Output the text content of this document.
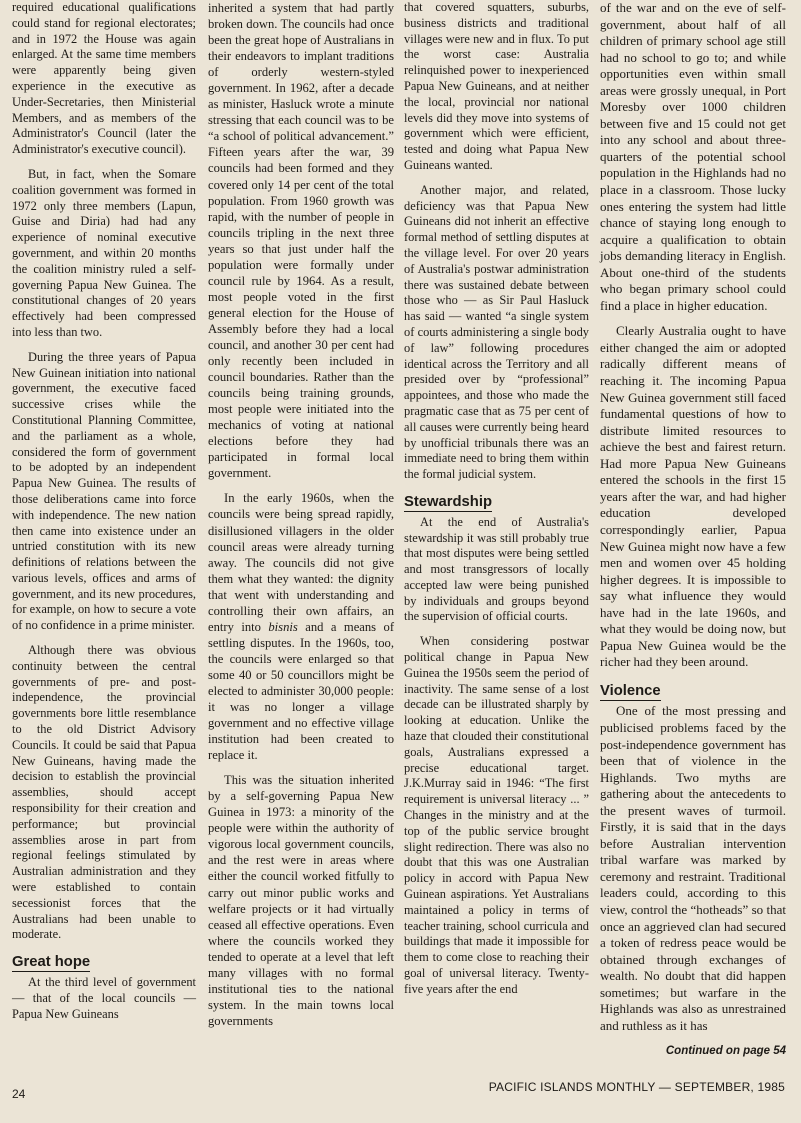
required educational qualifications could stand for regional electorates; and in 1972 the House was again enlarged. At the same time members were apparently being given experience in the executive as Under-Secretaries, then Ministerial Members, and as members of the Administrator's Council (later the Administrator's executive council).

But, in fact, when the Somare coalition government was formed in 1972 only three members (Lapun, Guise and Diria) had had any experience of nominal executive government, and within 20 months the coalition ministry ruled a self-governing Papua New Guinea. The constitutional changes of 20 years effectively had been compressed into less than two.

During the three years of Papua New Guinean initiation into national government, the executive faced successive crises while the Constitutional Planning Committee, and the parliament as a whole, considered the form of government to be adopted by an independent Papua New Guinea. The results of those deliberations came into force with independence. The new nation then came into existence under an untried constitution with its new definitions of relations between the various levels, offices and arms of government, and its new procedures, for example, on how to secure a vote of no confidence in a prime minister.

Although there was obvious continuity between the central governments of pre- and post-independence, the provincial governments bore little resemblance to the old District Advisory Councils. It could be said that Papua New Guineans, having made the decision to establish the provincial assemblies, should accept responsibility for their creation and performance; but provincial assemblies arose in part from regional feelings stimulated by Australian administration and they were established to contain secessionist forces that the Australians had been unable to moderate.

Great hope

At the third level of government — that of the local councils — Papua New Guineans

inherited a system that had partly broken down. The councils had once been the great hope of Australians in their endeavors to implant traditions of orderly western-styled government. In 1962, after a decade as minister, Hasluck wrote a minute stressing that each council was to be “a school of political advancement.” Fifteen years after the war, 39 councils had been formed and they covered only 14 per cent of the total population. From 1960 growth was rapid, with the number of people in councils tripling in the next three years so that just under half the population were formally under council rule by 1964. As a result, most people voted in the first general election for the House of Assembly before they had a local council, and another 30 per cent had only recently been included in council boundaries. Rather than the councils being training grounds, most people were initiated into the mechanics of voting at national elections before they had participated in formal local government.

In the early 1960s, when the councils were being spread rapidly, disillusioned villagers in the older council areas were already turning away. The councils did not give them what they wanted: the dignity that went with understanding and controlling their own affairs, an entry into bisnis and a means of settling disputes. In the 1960s, too, the councils were enlarged so that some 40 or 50 councillors might be elected to administer 30,000 people: it was no longer a village government and no effective village institution had been created to replace it.

This was the situation inherited by a self-governing Papua New Guinea in 1973: a minority of the people were within the authority of vigorous local government councils, and the rest were in areas where either the council worked fitfully to carry out minor public works and welfare projects or it had virtually ceased all effective operations. Even where the councils worked they tended to operate at a level that left many villages with no formal institutional ties to the national system. In the main towns local governments

that covered squatters, suburbs, business districts and traditional villages were new and in flux. To put the worst case: Australia relinquished power to inexperienced Papua New Guineans, and at neither the local, provincial nor national levels did they move into systems of government which were efficient, tested and doing what Papua New Guineans wanted.

Another major, and related, deficiency was that Papua New Guineans did not inherit an effective formal method of settling disputes at the village level. For over 20 years of Australia's postwar administration there was sustained debate between those who — as Sir Paul Hasluck has said — wanted “a single system of courts administering a single body of law” following procedures identical across the Territory and all presided over by “professional” appointees, and those who made the pragmatic case that as 75 per cent of all causes were currently being heard by unofficial tribunals there was an immediate need to bring them within the formal judicial system.

Stewardship

At the end of Australia's stewardship it was still probably true that most disputes were being settled and most transgressors of locally accepted law were being punished by individuals and groups beyond the supervision of official courts.

When considering postwar political change in Papua New Guinea the 1950s seem the period of inactivity. The same sense of a lost decade can be illustrated sharply by looking at education. Unlike the haze that clouded their constitutional goals, Australians expressed a precise educational target. J.K.Murray said in 1946: “The first requirement is universal literacy ... ” Changes in the ministry and at the top of the public service brought slight redirection. There was also no doubt that this was one Australian policy in accord with Papua New Guinean aspirations. Yet Australians maintained a policy in terms of teacher training, school curricula and buildings that made it impossible for them to come close to reaching their goal of universal literacy. Twenty-five years after the end

of the war and on the eve of self-government, about half of all children of primary school age still had no school to go to; and while opportunities even within small areas were grossly unequal, in Port Moresby over 1000 children between five and 15 could not get into any school and about three-quarters of the potential school population in the Highlands had no place in a classroom. Those lucky ones entering the system had little chance of staying long enough to acquire a qualification to obtain jobs demanding literacy in English. About one-third of the students who began primary school could find a place in higher education.

Clearly Australia ought to have either changed the aim or adopted radically different means of reaching it. The incoming Papua New Guinea government still faced fundamental questions of how to distribute limited resources to achieve the best and fairest return. Had more Papua New Guineans entered the schools in the first 15 years after the war, and had higher education developed correspondingly earlier, Papua New Guinea might now have a few men and women over 45 holding higher degrees. It is impossible to say what influence they would have had in the late 1960s, and what they would be doing now, but Papua New Guinea would be the richer had they been around.

Violence

One of the most pressing and publicised problems faced by the post-independence government has been that of violence in the Highlands. Two myths are gathering about the antecedents to the present waves of turmoil. Firstly, it is said that in the days before Australian intervention tribal warfare was marked by ceremony and restraint. Traditional leaders could, according to this view, control the “hotheads” so that once an aggrieved clan had secured a token of redress peace would be obtained through exchanges of wealth. No doubt that did happen sometimes; but warfare in the Highlands was also as unrestrained and ruthless as it has

Continued on page 54
24	PACIFIC ISLANDS MONTHLY — SEPTEMBER, 1985
